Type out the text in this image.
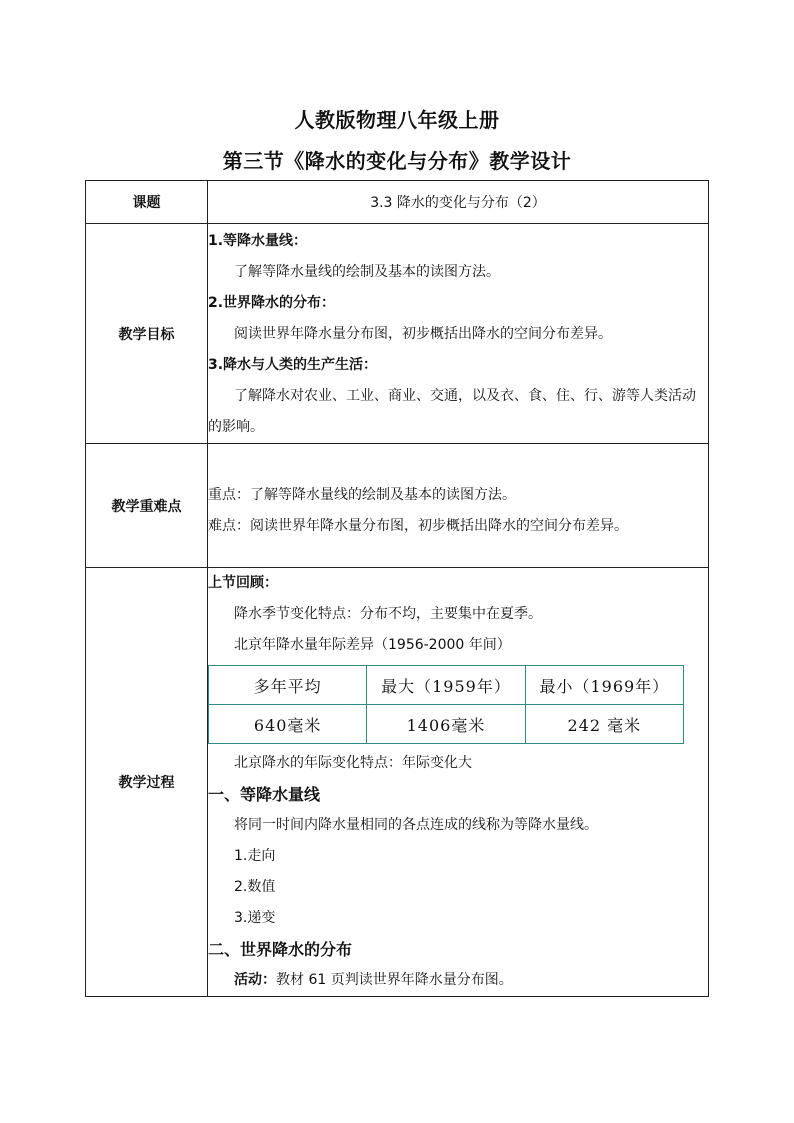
人教版物理八年级上册
第三节《降水的变化与分布》教学设计
课题	3.3 降水的变化与分布（2）
教学目标	
1.等降水量线：
了解等降水量线的绘制及基本的读图方法。
2.世界降水的分布：
阅读世界年降水量分布图，初步概括出降水的空间分布差异。
3.降水与人类的生产生活：
了解降水对农业、工业、商业、交通，以及衣、食、住、行、游等人类活动
的影响。

教学重难点	
重点：了解等降水量线的绘制及基本的读图方法。
难点：阅读世界年降水量分布图，初步概括出降水的空间分布差异。

教学过程	
上节回顾：
降水季节变化特点：分布不均，主要集中在夏季。
北京年降水量年际差异（1956-2000 年间）
多年平均	最大（1959年）	最小（1969年）
640毫米	1406毫米	242 毫米
北京降水的年际变化特点：年际变化大
一、等降水量线
将同一时间内降水量相同的各点连成的线称为等降水量线。
1.走向
2.数值
3.递变
二、世界降水的分布
活动：教材 61 页判读世界年降水量分布图。
